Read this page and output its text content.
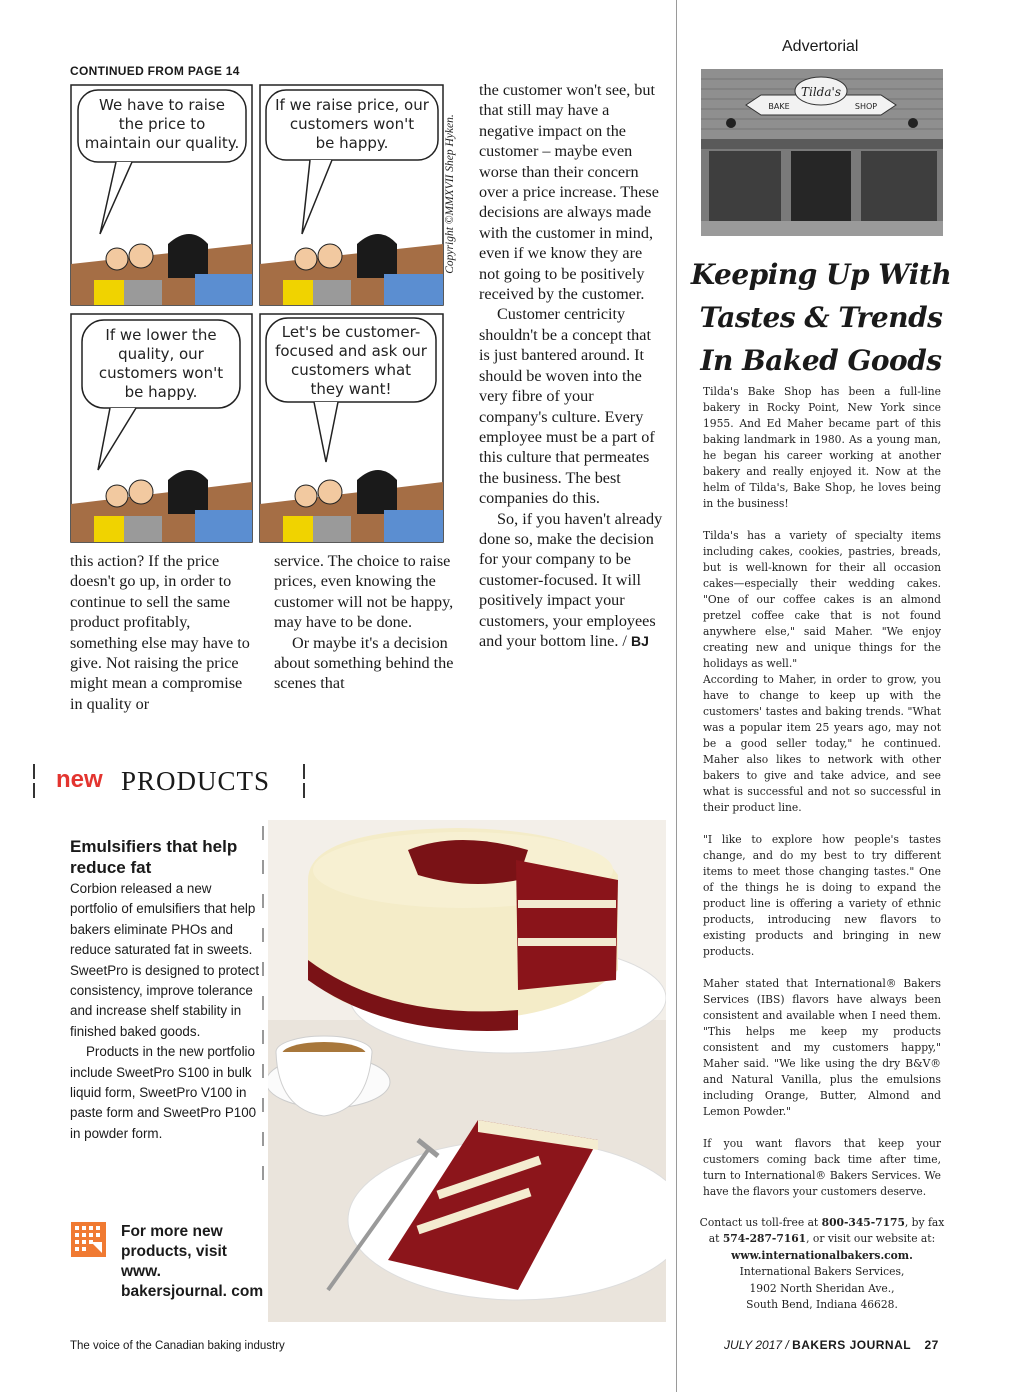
CONTINUED FROM PAGE 14
We have to raise
the price to
maintain our quality.
If we raise price, our
customers won't
be happy.
If we lower the
quality, our
customers won't
be happy.
Let's be customer-
focused and ask our
customers what
they want!
Copyright ©MMXVII Shep Hyken.

this action? If the price doesn't go up, in order to continue to sell the same product profitably, something else may have to give. Not raising the price might mean a compromise in quality or

service. The choice to raise prices, even knowing the customer will not be happy, may have to be done.

Or maybe it's a decision about something behind the scenes that

the customer won't see, but that still may have a negative impact on the customer – maybe even worse than their concern over a price increase. These decisions are always made with the customer in mind, even if we know they are not going to be positively received by the customer.

Customer centricity shouldn't be a concept that is just bantered around. It should be woven into the very fibre of your company's culture. Every employee must be a part of this culture that permeates the business. The best companies do this.

So, if you haven't already done so, make the decision for your company to be customer-focused. It will positively impact your customers, your employees and your bottom line. / BJ

new PRODUCTS
Emulsifiers that help reduce fat

Corbion released a new portfolio of emulsifiers that help bakers eliminate PHOs and reduce saturated fat in sweets. SweetPro is designed to protect consistency, improve tolerance and increase shelf stability in finished baked goods.

Products in the new portfolio include SweetPro S100 in bulk liquid form, SweetPro V100 in paste form and SweetPro P100 in powder form.

For more new products, visit www. bakersjournal. com
Advertorial
Tilda's
BAKE	SHOP
Keeping Up With
Tastes & Trends
In Baked Goods

Tilda's Bake Shop has been a full-line bakery in Rocky Point, New York since 1955. And Ed Maher became part of this baking landmark in 1980. As a young man, he began his career working at another bakery and really enjoyed it. Now at the helm of Tilda's, Bake Shop, he loves being in the business!

Tilda's has a variety of specialty items including cakes, cookies, pastries, breads, but is well-known for their all occasion cakes—especially their wedding cakes. "One of our coffee cakes is an almond pretzel coffee cake that is not found anywhere else," said Maher. "We enjoy creating new and unique things for the holidays as well."

According to Maher, in order to grow, you have to change to keep up with the customers' tastes and baking trends. "What was a popular item 25 years ago, may not be a good seller today," he continued. Maher also likes to network with other bakers to give and take advice, and see what is successful and not so successful in their product line.

"I like to explore how people's tastes change, and do my best to try different items to meet those changing tastes." One of the things he is doing to expand the product line is offering a variety of ethnic products, introducing new flavors to existing products and bringing in new products.

Maher stated that International® Bakers Services (IBS) flavors have always been consistent and available when I need them. "This helps me keep my products consistent and my customers happy," Maher said. "We like using the dry B&V® and Natural Vanilla, plus the emulsions including Orange, Butter, Almond and Lemon Powder."

If you want flavors that keep your customers coming back time after time, turn to International® Bakers Services. We have the flavors your customers deserve.

Contact us toll-free at 800-345-7175, by fax at 574-287-7161, or visit our website at: www.internationalbakers.com.
International Bakers Services,
1902 North Sheridan Ave.,
South Bend, Indiana 46628.
The voice of the Canadian baking industry	JULY 2017 / BAKERS JOURNAL 27
